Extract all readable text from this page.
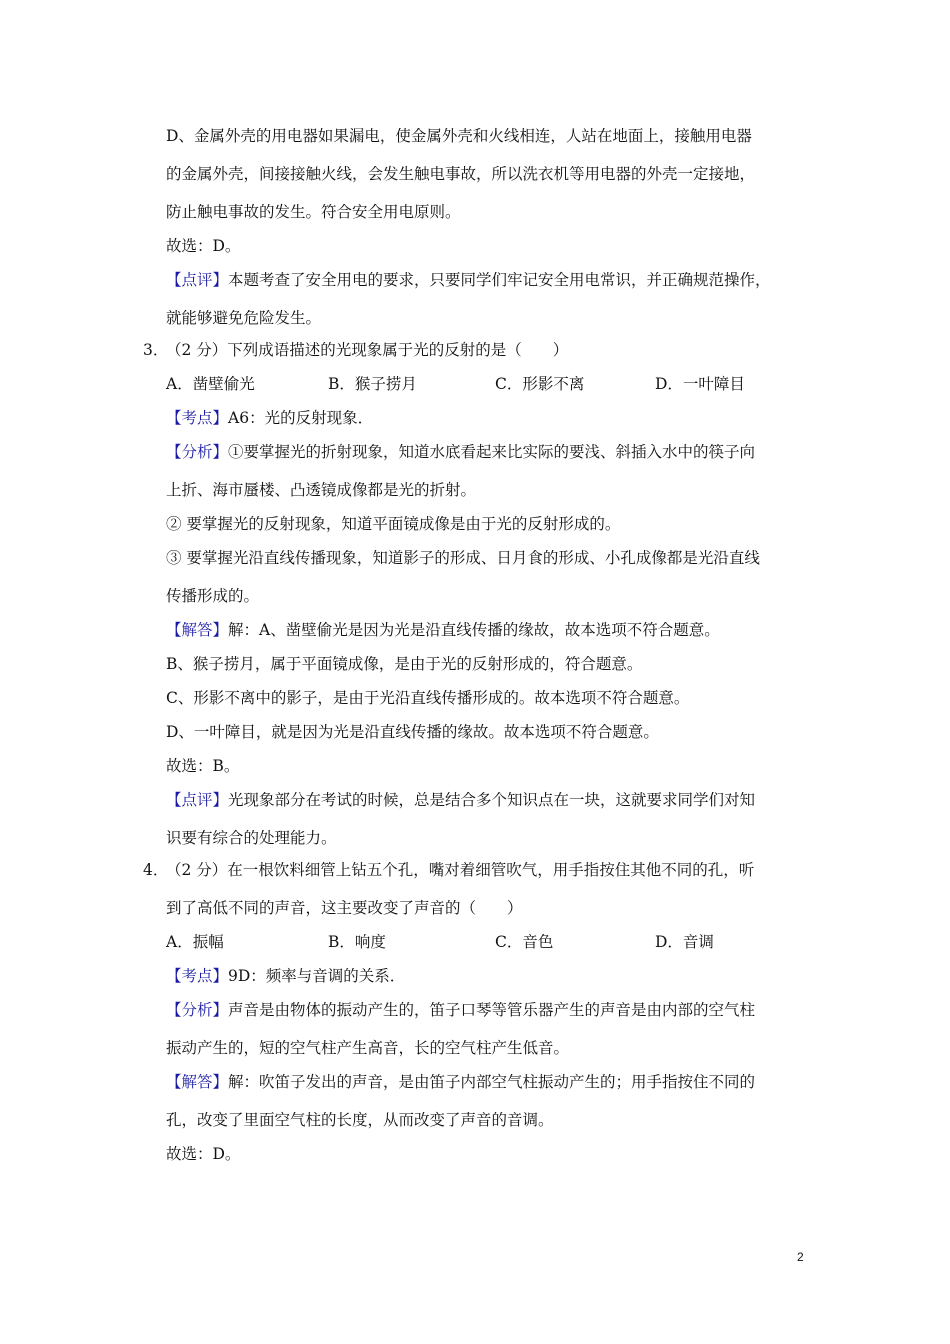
D、金属外壳的用电器如果漏电，使金属外壳和火线相连，人站在地面上，接触用电器
的金属外壳，间接接触火线，会发生触电事故，所以洗衣机等用电器的外壳一定接地，
防止触电事故的发生。符合安全用电原则。
故选：D。
【点评】本题考查了安全用电的要求，只要同学们牢记安全用电常识，并正确规范操作，
就能够避免危险发生。
3．
（2 分）下列成语描述的光现象属于光的反射的是（　　）
A．凿壁偷光	B．猴子捞月	C．形影不离	D．一叶障目
【考点】A6：光的反射现象．
【分析】①要掌握光的折射现象，知道水底看起来比实际的要浅、斜插入水中的筷子向
上折、海市蜃楼、凸透镜成像都是光的折射。
② 要掌握光的反射现象，知道平面镜成像是由于光的反射形成的。
③ 要掌握光沿直线传播现象，知道影子的形成、日月食的形成、小孔成像都是光沿直线
传播形成的。
【解答】解：A、凿壁偷光是因为光是沿直线传播的缘故，故本选项不符合题意。
B、猴子捞月，属于平面镜成像，是由于光的反射形成的，符合题意。
C、形影不离中的影子，是由于光沿直线传播形成的。故本选项不符合题意。
D、一叶障目，就是因为光是沿直线传播的缘故。故本选项不符合题意。
故选：B。
【点评】光现象部分在考试的时候，总是结合多个知识点在一块，这就要求同学们对知
识要有综合的处理能力。
4．
（2 分）在一根饮料细管上钻五个孔，嘴对着细管吹气，用手指按住其他不同的孔，听
到了高低不同的声音，这主要改变了声音的（　　）
A．振幅	B．响度	C．音色	D．音调
【考点】9D：频率与音调的关系．
【分析】声音是由物体的振动产生的，笛子口琴等管乐器产生的声音是由内部的空气柱
振动产生的，短的空气柱产生高音，长的空气柱产生低音。
【解答】解：吹笛子发出的声音，是由笛子内部空气柱振动产生的；用手指按住不同的
孔，改变了里面空气柱的长度，从而改变了声音的音调。
故选：D。
2
